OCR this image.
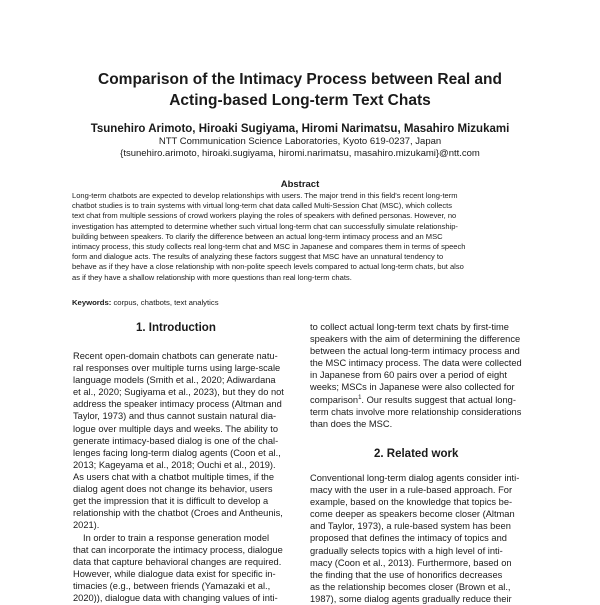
Comparison of the Intimacy Process between Real and
Acting-based Long-term Text Chats
Tsunehiro Arimoto, Hiroaki Sugiyama, Hiromi Narimatsu, Masahiro Mizukami
NTT Communication Science Laboratories, Kyoto 619-0237, Japan
{tsunehiro.arimoto, hiroaki.sugiyama, hiromi.narimatsu, masahiro.mizukami}@ntt.com
Abstract
Long-term chatbots are expected to develop relationships with users. The major trend in this field's recent long-term
chatbot studies is to train systems with virtual long-term chat data called Multi-Session Chat (MSC), which collects
text chat from multiple sessions of crowd workers playing the roles of speakers with defined personas. However, no
investigation has attempted to determine whether such virtual long-term chat can successfully simulate relationship-
building between speakers. To clarify the difference between an actual long-term intimacy process and an MSC
intimacy process, this study collects real long-term chat and MSC in Japanese and compares them in terms of speech
form and dialogue acts. The results of analyzing these factors suggest that MSC have an unnatural tendency to
behave as if they have a close relationship with non-polite speech levels compared to actual long-term chats, but also
as if they have a shallow relationship with more questions than real long-term chats.
Keywords: corpus, chatbots, text analytics
1. Introduction
Recent open-domain chatbots can generate natu-
ral responses over multiple turns using large-scale
language models (Smith et al., 2020; Adiwardana
et al., 2020; Sugiyama et al., 2023), but they do not
address the speaker intimacy process (Altman and
Taylor, 1973) and thus cannot sustain natural dia-
logue over multiple days and weeks. The ability to
generate intimacy-based dialog is one of the chal-
lenges facing long-term dialog agents (Coon et al.,
2013; Kageyama et al., 2018; Ouchi et al., 2019).
As users chat with a chatbot multiple times, if the
dialog agent does not change its behavior, users
get the impression that it is difficult to develop a
relationship with the chatbot (Croes and Antheunis,
2021).
In order to train a response generation model
that can incorporate the intimacy process, dialogue
data that capture behavioral changes are required.
However, while dialogue data exist for specific in-
timacies (e.g., between friends (Yamazaki et al.,
2020)), dialogue data with changing values of inti-
to collect actual long-term text chats by first-time
speakers with the aim of determining the difference
between the actual long-term intimacy process and
the MSC intimacy process. The data were collected
in Japanese from 60 pairs over a period of eight
weeks; MSCs in Japanese were also collected for
comparison$^1$. Our results suggest that actual long-
term chats involve more relationship considerations
than does the MSC.
2. Related work
Conventional long-term dialog agents consider inti-
macy with the user in a rule-based approach. For
example, based on the knowledge that topics be-
come deeper as speakers become closer (Altman
and Taylor, 1973), a rule-based system has been
proposed that defines the intimacy of topics and
gradually selects topics with a high level of inti-
macy (Coon et al., 2013). Furthermore, based on
the finding that the use of honorifics decreases
as the relationship becomes closer (Brown et al.,
1987), some dialog agents gradually reduce their
